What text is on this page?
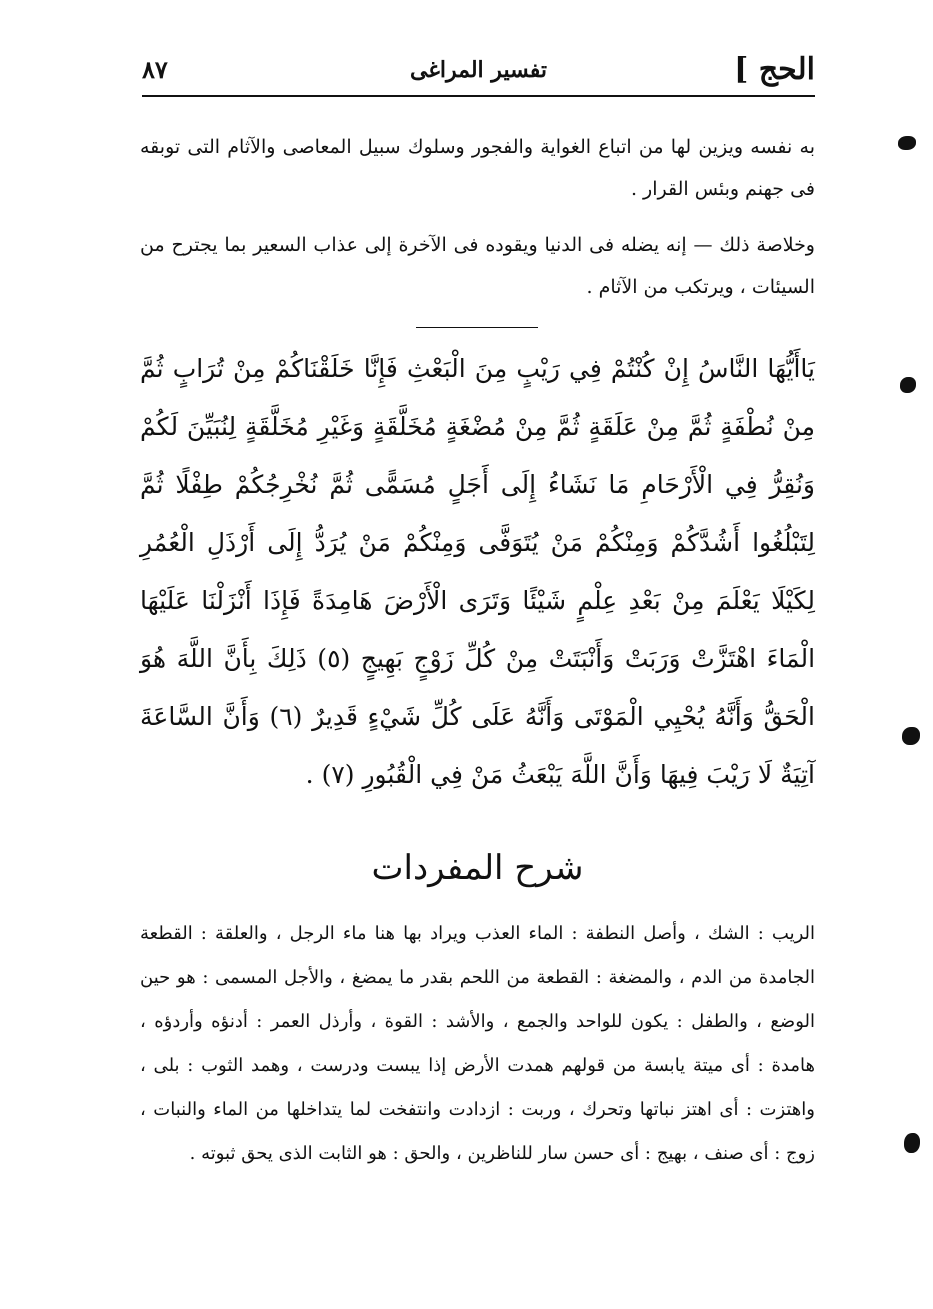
الحج ]
تفسير المراغى
٨٧
به نفسه ويزين لها من اتباع الغواية والفجور وسلوك سبيل المعاصى والآثام التى توبقه فى جهنم وبئس القرار .
وخلاصة ذلك — إنه يضله فى الدنيا ويقوده فى الآخرة إلى عذاب السعير بما يجترح من السيئات ، ويرتكب من الآثام .
يَاأَيُّهَا النَّاسُ إِنْ كُنْتُمْ فِي رَيْبٍ مِنَ الْبَعْثِ فَإِنَّا خَلَقْنَاكُمْ مِنْ تُرَابٍ ثُمَّ مِنْ نُطْفَةٍ ثُمَّ مِنْ عَلَقَةٍ ثُمَّ مِنْ مُضْغَةٍ مُخَلَّقَةٍ وَغَيْرِ مُخَلَّقَةٍ لِنُبَيِّنَ لَكُمْ وَنُقِرُّ فِي الْأَرْحَامِ مَا نَشَاءُ إِلَى أَجَلٍ مُسَمًّى ثُمَّ نُخْرِجُكُمْ طِفْلًا ثُمَّ لِتَبْلُغُوا أَشُدَّكُمْ وَمِنْكُمْ مَنْ يُتَوَفَّى وَمِنْكُمْ مَنْ يُرَدُّ إِلَى أَرْذَلِ الْعُمُرِ لِكَيْلَا يَعْلَمَ مِنْ بَعْدِ عِلْمٍ شَيْئًا وَتَرَى الْأَرْضَ هَامِدَةً فَإِذَا أَنْزَلْنَا عَلَيْهَا الْمَاءَ اهْتَزَّتْ وَرَبَتْ وَأَنْبَتَتْ مِنْ كُلِّ زَوْجٍ بَهِيجٍ (٥) ذَلِكَ بِأَنَّ اللَّهَ هُوَ الْحَقُّ وَأَنَّهُ يُحْيِي الْمَوْتَى وَأَنَّهُ عَلَى كُلِّ شَيْءٍ قَدِيرٌ (٦) وَأَنَّ السَّاعَةَ آتِيَةٌ لَا رَيْبَ فِيهَا وَأَنَّ اللَّهَ يَبْعَثُ مَنْ فِي الْقُبُورِ (٧) .
شرح المفردات
الريب : الشك ، وأصل النطفة : الماء العذب ويراد بها هنا ماء الرجل ، والعلقة : القطعة الجامدة من الدم ، والمضغة : القطعة من اللحم بقدر ما يمضغ ، والأجل المسمى : هو حين الوضع ، والطفل : يكون للواحد والجمع ، والأشد : القوة ، وأرذل العمر : أدنؤه وأردؤه ، هامدة : أى ميتة يابسة من قولهم همدت الأرض إذا يبست ودرست ، وهمد الثوب : بلى ، واهتزت : أى اهتز نباتها وتحرك ، وربت : ازدادت وانتفخت لما يتداخلها من الماء والنبات ، زوج : أى صنف ، بهيج : أى حسن سار للناظرين ، والحق : هو الثابت الذى يحق ثبوته .
